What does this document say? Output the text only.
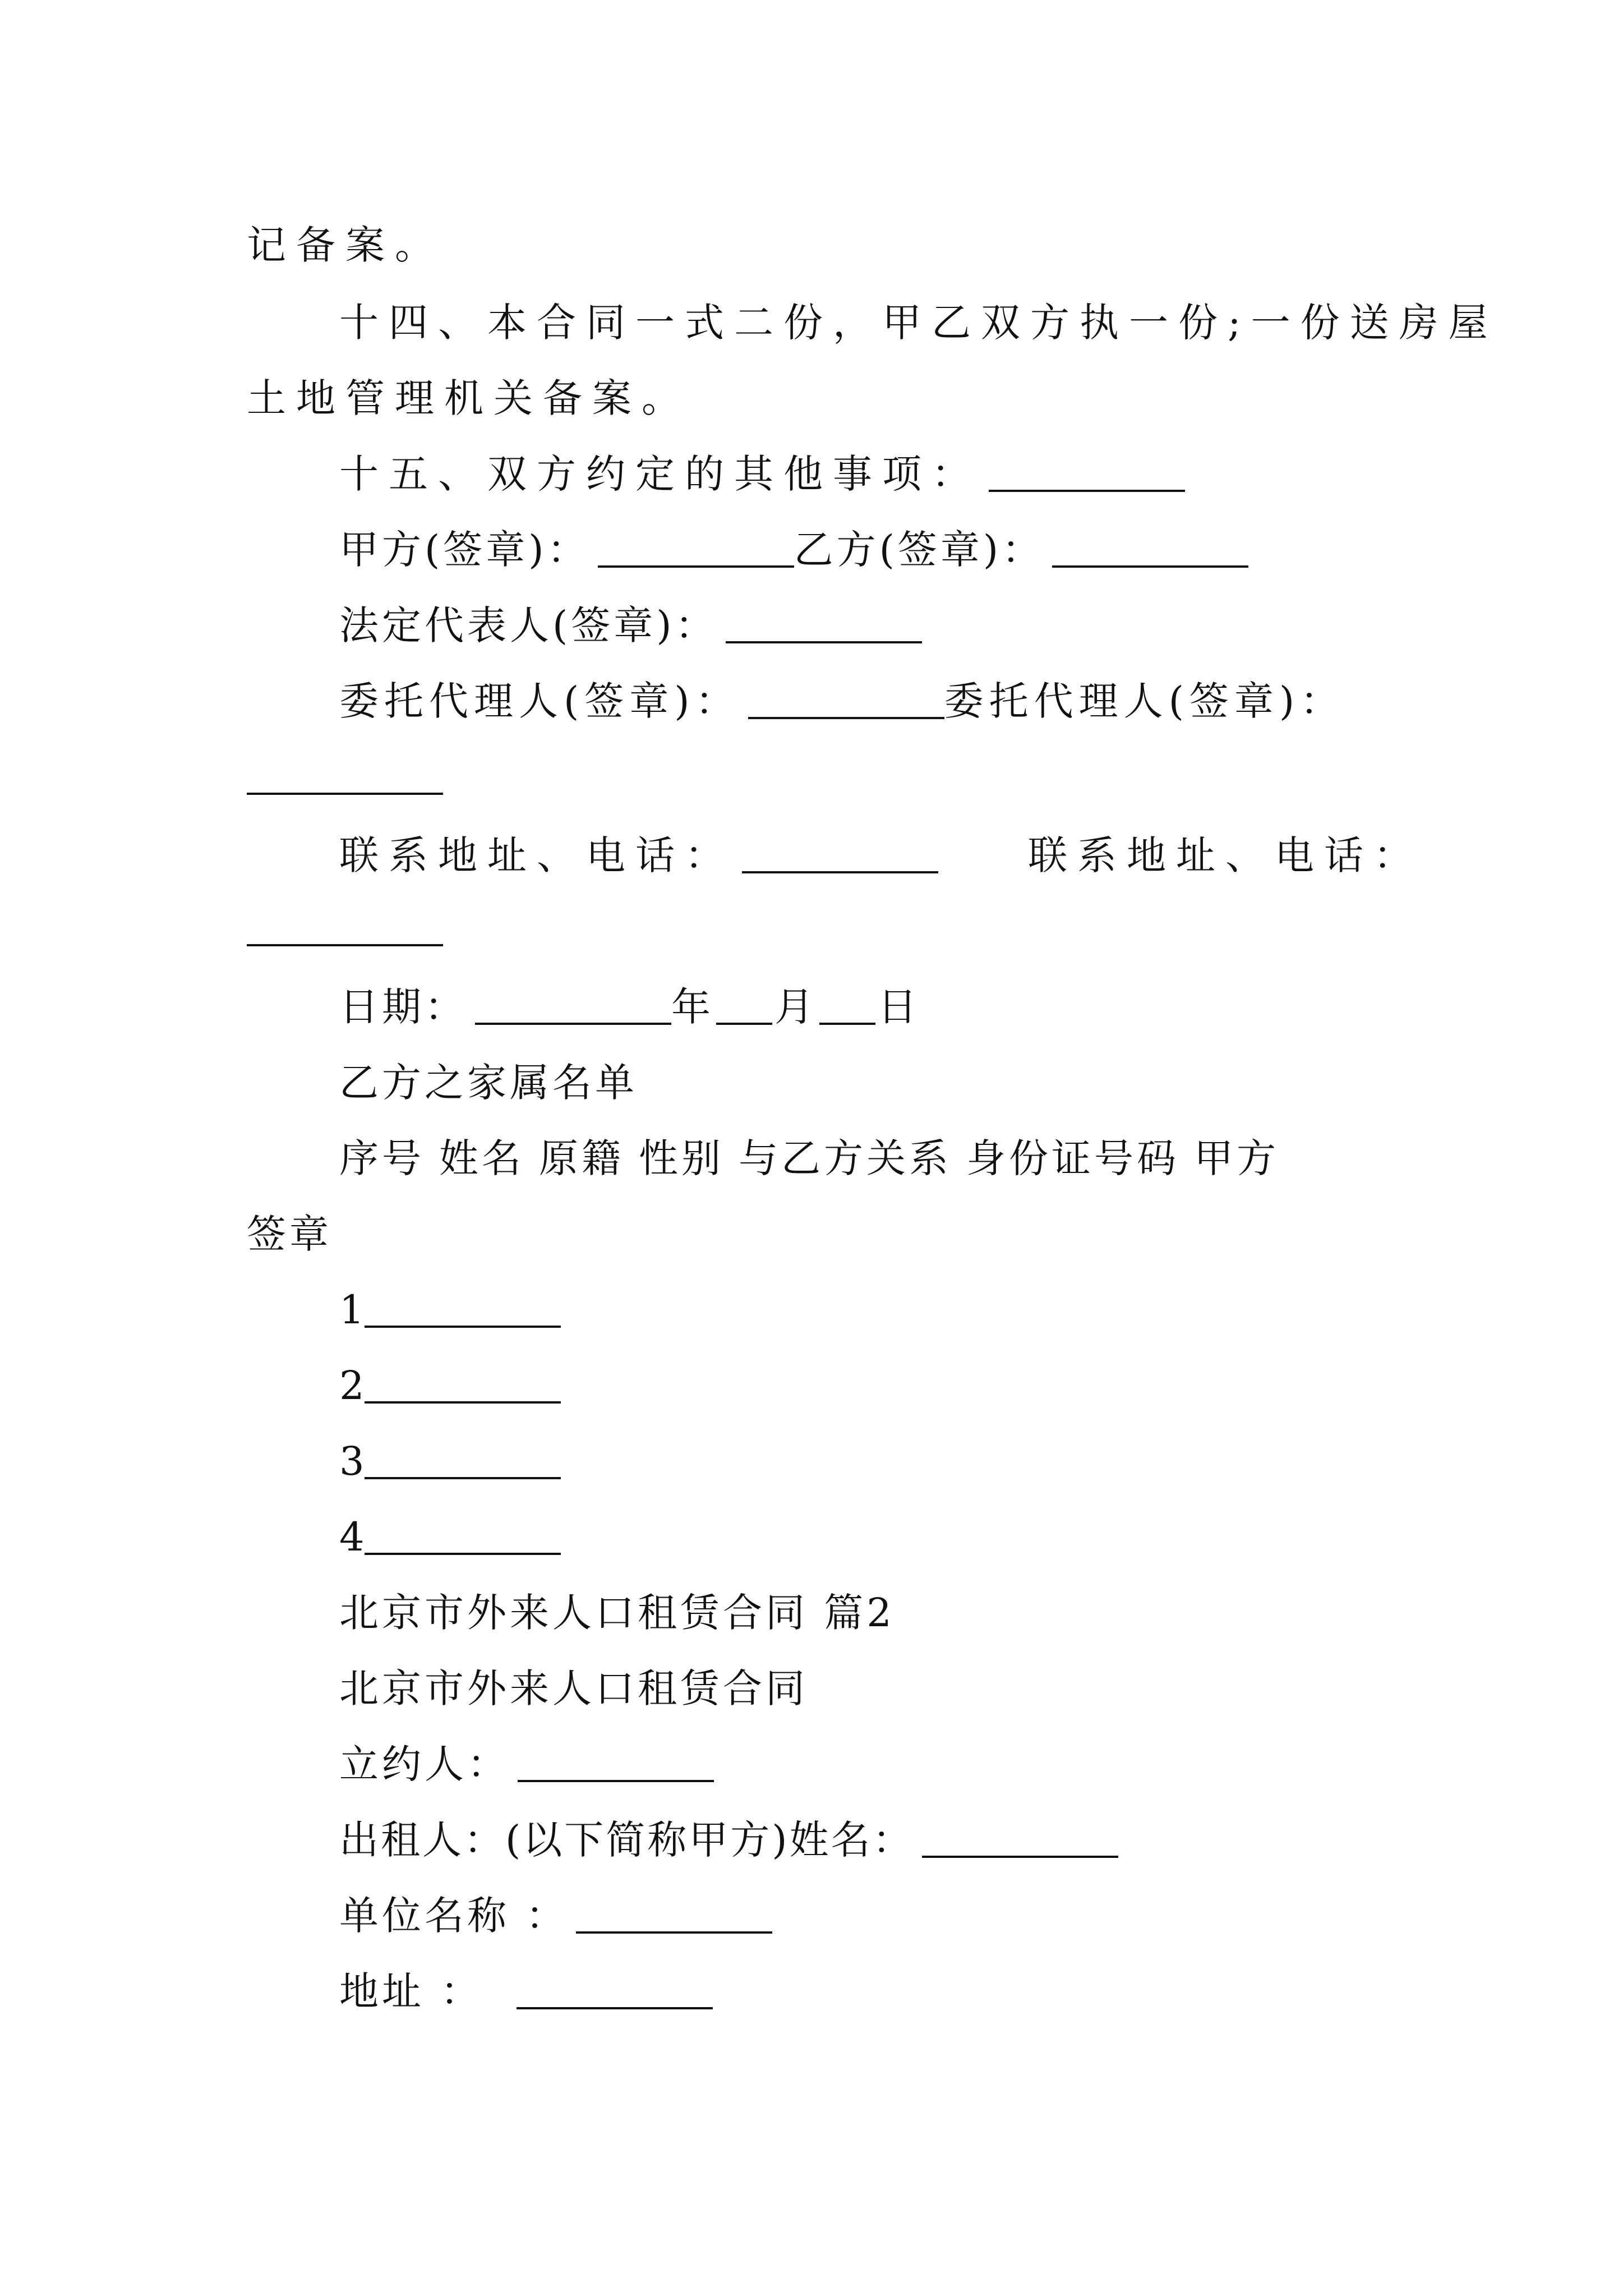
记备案。
十四、本合同一式二份，甲乙双方执一份;一份送房屋
土地管理机关备案。
十五、双方约定的其他事项：
甲方(签章)：	乙方(签章)：
法定代表人(签章)：
委托代理人(签章)：	委托代理人(签章)：
联系地址、电话：	联系地址、电话：
日期：	年 月 日
乙方之家属名单
序号 姓名 原籍 性别 与乙方关系 身份证号码 甲方
签章
1
2
3
4
北京市外来人口租赁合同 篇2
北京市外来人口租赁合同
立约人：
出租人：(以下简称甲方)姓名：
单位名称 ：
地址 ：
